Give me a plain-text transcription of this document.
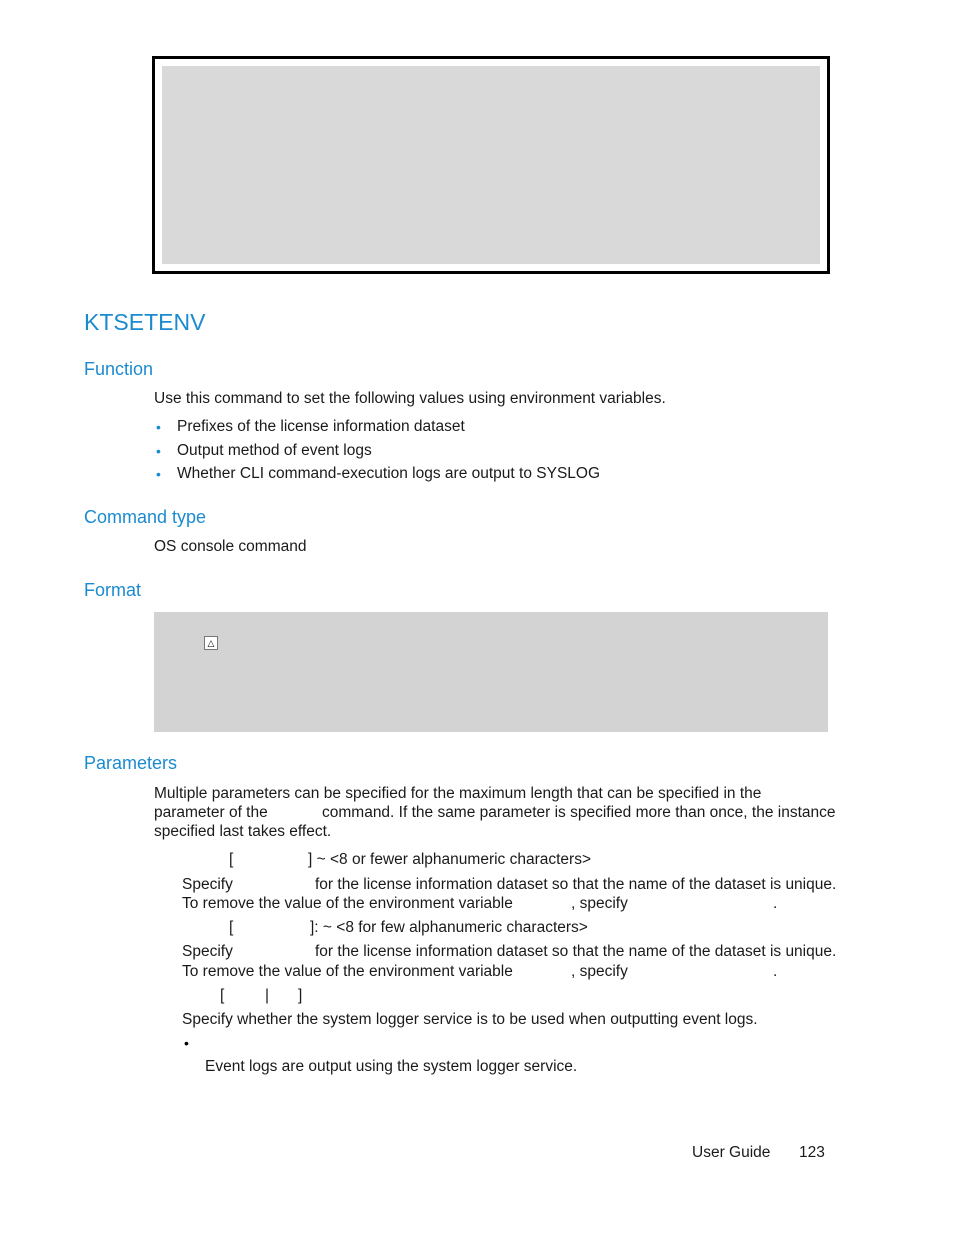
KTSETENV
Function
Use this command to set the following values using environment variables.
• Prefixes of the license information dataset
• Output method of event logs
• Whether CLI command-execution logs are output to SYSLOG
Command type
OS console command
Format
△
Parameters
Multiple parameters can be specified for the maximum length that can be specified in the
parameter of the	command. If the same parameter is specified more than once, the instance
specified last takes effect.
[	] ~ <8 or fewer alphanumeric characters>
Specify	for the license information dataset so that the name of the dataset is unique.
To remove the value of the environment variable	, specify	.
[	]: ~ <8 for few alphanumeric characters>
Specify	for the license information dataset so that the name of the dataset is unique.
To remove the value of the environment variable	, specify	.
[	| ]
Specify whether the system logger service is to be used when outputting event logs.
•
Event logs are output using the system logger service.
User Guide 123
